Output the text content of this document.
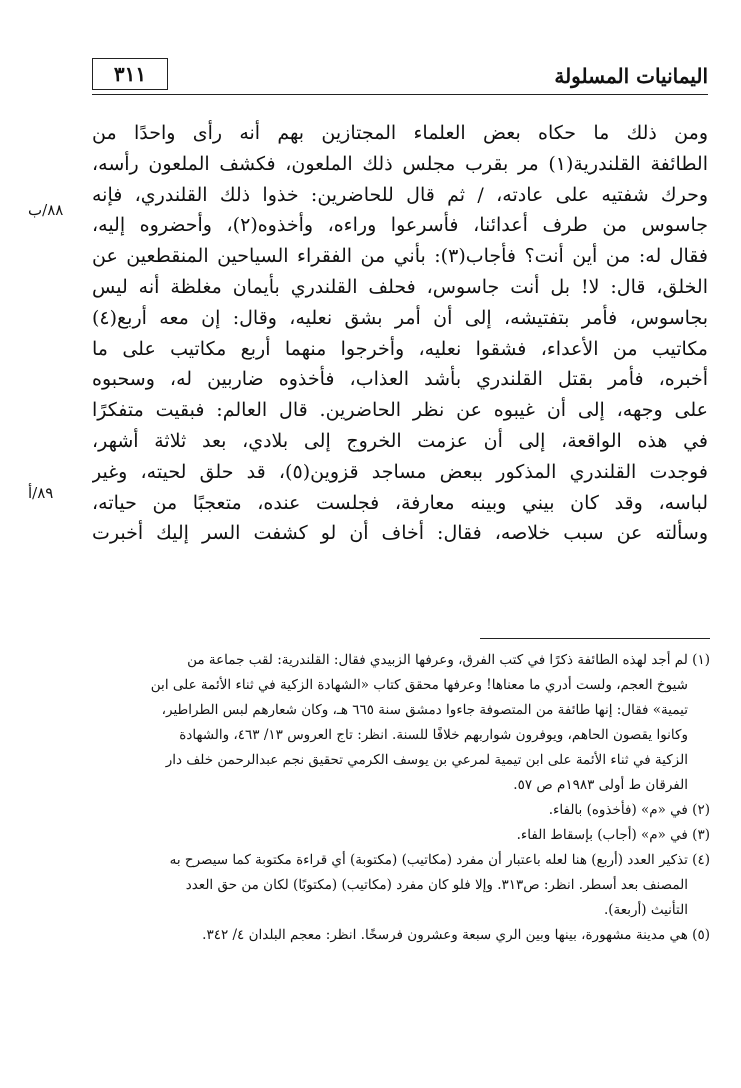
٣١١	اليمانيات المسلولة
٨٨/ب
٨٩/أ
ومن ذلك ما حكاه بعض العلماء المجتازين بهم أنه رأى واحدًا من
الطائفة القلندرية(١) مر بقرب مجلس ذلك الملعون، فكشف الملعون رأسه،
وحرك شفتيه على عادته، / ثم قال للحاضرين: خذوا ذلك القلندري، فإنه
جاسوس من طرف أعدائنا، فأسرعوا وراءه، وأخذوه(٢)، وأحضروه إليه،
فقال له: من أين أنت؟ فأجاب(٣): بأني من الفقراء السياحين المنقطعين عن
الخلق، قال: لا! بل أنت جاسوس، فحلف القلندري بأيمان مغلظة أنه ليس
بجاسوس، فأمر بتفتيشه، إلى أن أمر بشق نعليه، وقال: إن معه أربع(٤)
مكاتيب من الأعداء، فشقوا نعليه، وأخرجوا منهما أربع مكاتيب على ما
أخبره، فأمر بقتل القلندري بأشد العذاب، فأخذوه ضاربين له، وسحبوه
على وجهه، إلى أن غيبوه عن نظر الحاضرين. قال العالم: فبقيت متفكرًا
في هذه الواقعة، إلى أن عزمت الخروج إلى بلادي، بعد ثلاثة أشهر،
فوجدت القلندري المذكور ببعض مساجد قزوين(٥)، قد حلق لحيته، وغير
لباسه، وقد كان بيني وبينه معارفة، فجلست عنده، متعجبًا من حياته،
وسألته عن سبب خلاصه، فقال: أخاف أن لو كشفت السر إليك أخبرت
(١) لم أجد لهذه الطائفة ذكرًا في كتب الفرق، وعرفها الزبيدي فقال: القلندرية: لقب جماعة من
شيوخ العجم، ولست أدري ما معناها! وعرفها محقق كتاب «الشهادة الزكية في ثناء الأئمة على ابن
تيمية» فقال: إنها طائفة من المتصوفة جاءوا دمشق سنة ٦٦٥ هـ، وكان شعارهم لبس الطراطير،
وكانوا يقصون الحاهم، ويوفرون شواربهم خلافًا للسنة. انظر: تاج العروس ١٣/ ٤٦٣، والشهادة
الزكية في ثناء الأئمة على ابن تيمية لمرعي بن يوسف الكرمي تحقيق نجم عبدالرحمن خلف دار
الفرقان ط أولى ١٩٨٣م ص ٥٧.
(٢) في «م» (فأخذوه) بالفاء.
(٣) في «م» (أجاب) بإسقاط الفاء.
(٤) تذكير العدد (أربع) هنا لعله باعتبار أن مفرد (مكاتيب) (مكتوبة) أي قراءة مكتوبة كما سيصرح به
المصنف بعد أسطر. انظر: ص٣١٣. وإلا فلو كان مفرد (مكاتيب) (مكتوبًا) لكان من حق العدد
التأنيث (أربعة).
(٥) هي مدينة مشهورة، بينها وبين الري سبعة وعشرون فرسخًا. انظر: معجم البلدان ٤/ ٣٤٢.
